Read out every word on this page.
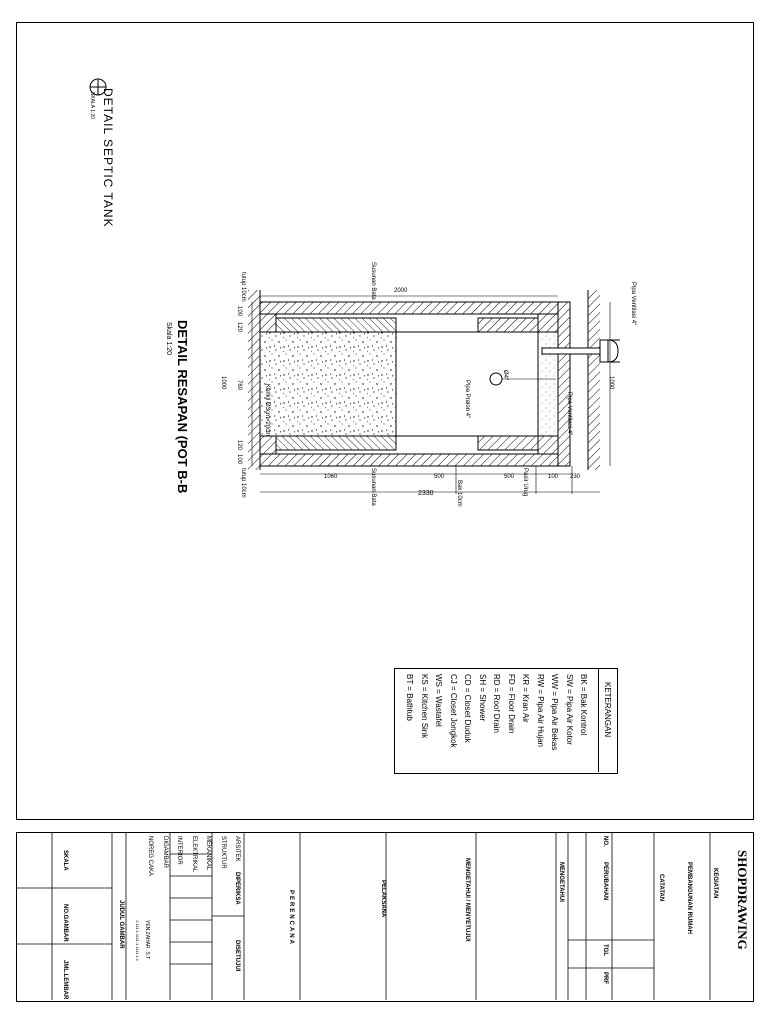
DETAIL SEPTIC TANK
SKALA 1:20
DETAIL RESAPAN (POT B-B
Skala 1:20
Pipa Ventilasi 4"
Susunan Bata
tutup 10cm
Pipa Ventilasi 4"
Pipa Pralon 4"
Kerikil Ø3cm=20cm
Susunan Bata
tutup 10cm	Pasir Urug
Bak 10cm
Ø4"
2000
1000	1000
100
120
760
120
100
1060	500	500	100 230
2330
KETERANGAN
BK = Bak Kontrol
SW = Pipa Air Kotor
WW = Pipa Air Bekas
RW = Pipa Air Hujan
KR = Kran Air
FD = Floor Drain
RD = Roof Drain
SH = Shower
CD = Closet Duduk
CJ = Closet Jongkok
WS = Wastafel
KS = Kitchen Sink
BT = Bathtub
SHOPDRAWING
KEGIATAN
PEMBANGUNAN RUMAH
CATATAN
NO.
PERUBAHAN
TGL
PRF
MENGETAHUI
MENGETAHUI / MENYETUJUI
PELAKSANA
PERENCANA
DIPERIKSA
DISETUJUI
ARSITEK
STRUKTUR
MEKANIKAL
ELEKTRIKAL
INTERIOR
DIGAMBAR
NOREG CAKA
YEN ZAHAR .S.T
1.111.1.1111.1.1111.1.1
JUDUL GAMBAR
SKALA
NO.GAMBAR
JML.LEMBAR
